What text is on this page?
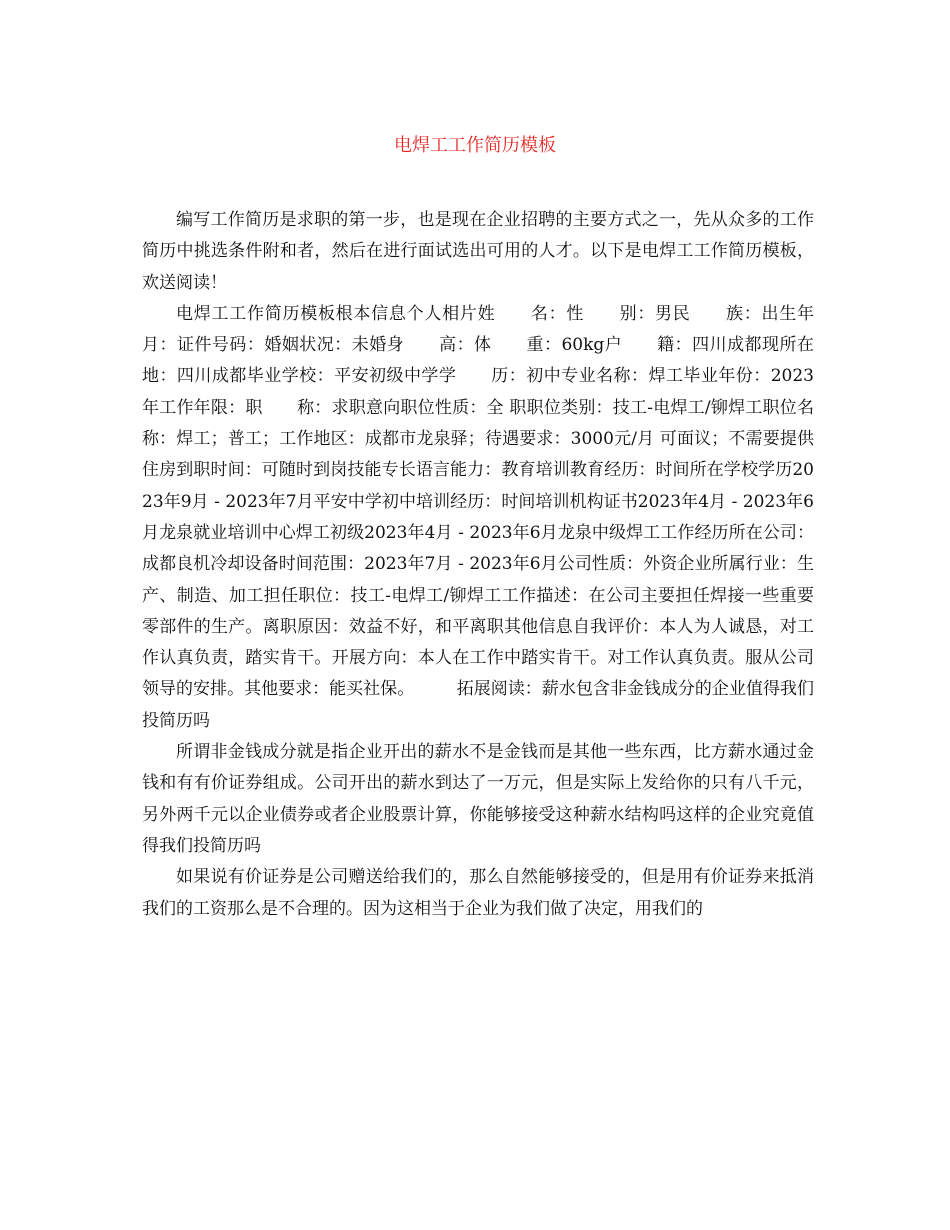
电焊工工作简历模板

编写工作简历是求职的第一步，也是现在企业招聘的主要方式之一，先从众多的工作简历中挑选条件附和者，然后在进行面试选出可用的人才。以下是电焊工工作简历模板，欢送阅读！

电焊工工作简历模板根本信息个人相片姓　　名：性　　别：男民　　族：出生年月：证件号码：婚姻状况：未婚身　　高：体　　重：60kg户　　籍：四川成都现所在地：四川成都毕业学校：平安初级中学学　　历：初中专业名称：焊工毕业年份：2023年工作年限：职　　称：求职意向职位性质：全 职职位类别：技工-电焊工/铆焊工职位名称：焊工；普工；工作地区：成都市龙泉驿；待遇要求：3000元/月 可面议；不需要提供住房到职时间：可随时到岗技能专长语言能力：教育培训教育经历：时间所在学校学历2023年9月 - 2023年7月平安中学初中培训经历：时间培训机构证书2023年4月 - 2023年6月龙泉就业培训中心焊工初级2023年4月 - 2023年6月龙泉中级焊工工作经历所在公司：成都良机冷却设备时间范围：2023年7月 - 2023年6月公司性质：外资企业所属行业：生产、制造、加工担任职位：技工-电焊工/铆焊工工作描述：在公司主要担任焊接一些重要零部件的生产。离职原因：效益不好，和平离职其他信息自我评价：本人为人诚恳，对工作认真负责，踏实肯干。开展方向：本人在工作中踏实肯干。对工作认真负责。服从公司领导的安排。其他要求：能买社保。　　　拓展阅读：薪水包含非金钱成分的企业值得我们投简历吗

所谓非金钱成分就是指企业开出的薪水不是金钱而是其他一些东西，比方薪水通过金钱和有有价证券组成。公司开出的薪水到达了一万元，但是实际上发给你的只有八千元，另外两千元以企业债券或者企业股票计算，你能够接受这种薪水结构吗这样的企业究竟值得我们投简历吗

如果说有价证券是公司赠送给我们的，那么自然能够接受的，但是用有价证券来抵消我们的工资那么是不合理的。因为这相当于企业为我们做了决定，用我们的
